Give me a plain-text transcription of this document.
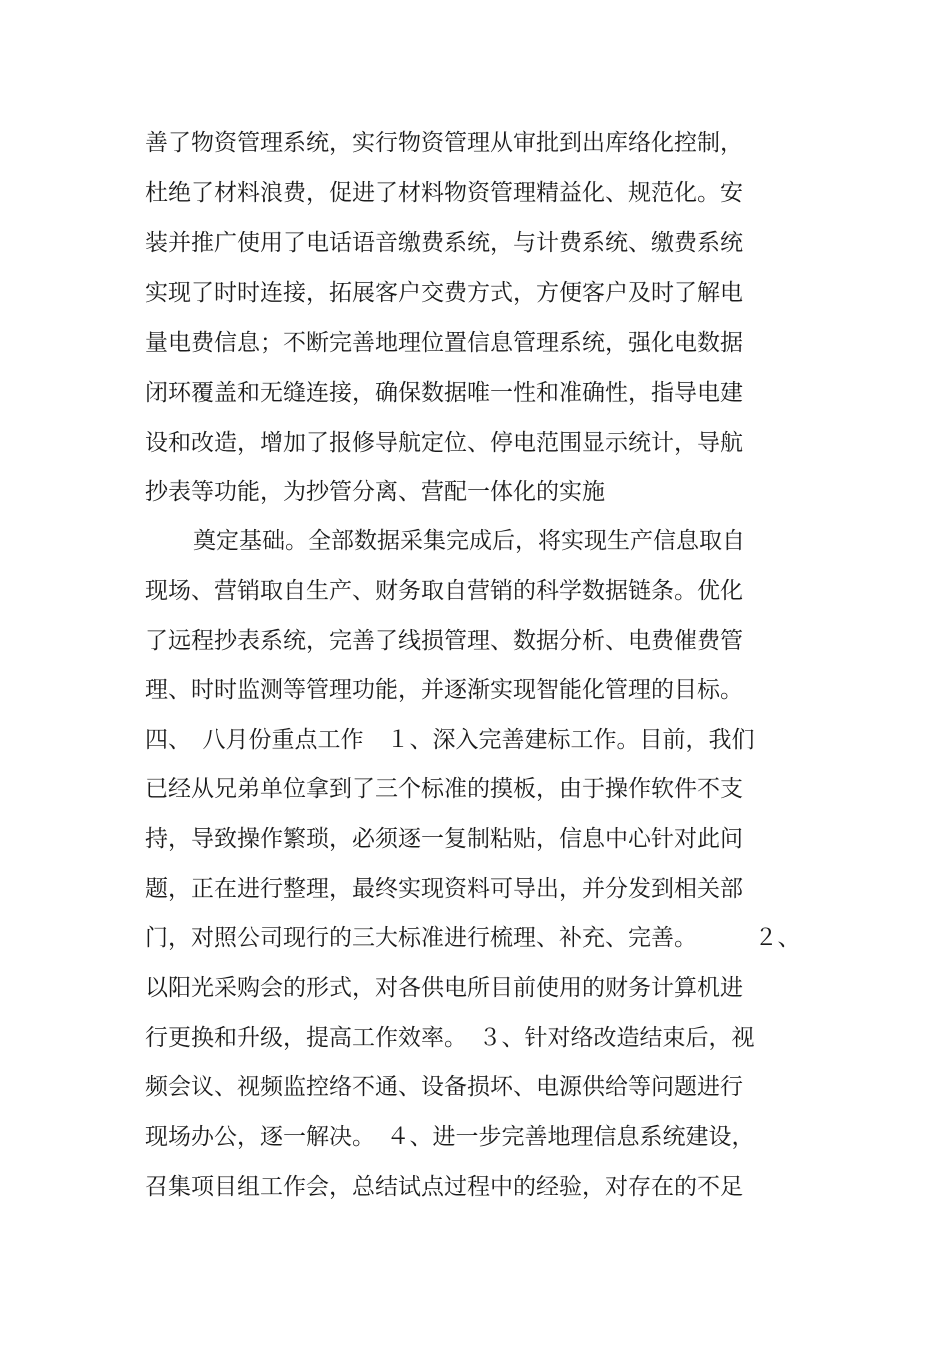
善了物资管理系统，实行物资管理从审批到出库络化控制，
杜绝了材料浪费，促进了材料物资管理精益化、规范化。安
装并推广使用了电话语音缴费系统，与计费系统、缴费系统
实现了时时连接，拓展客户交费方式，方便客户及时了解电
量电费信息；不断完善地理位置信息管理系统，强化电数据
闭环覆盖和无缝连接，确保数据唯一性和准确性，指导电建
设和改造，增加了报修导航定位、停电范围显示统计，导航
抄表等功能，为抄管分离、营配一体化的实施
奠定基础。全部数据采集完成后，将实现生产信息取自
现场、营销取自生产、财务取自营销的科学数据链条。优化
了远程抄表系统，完善了线损管理、数据分析、电费催费管
理、时时监测等管理功能，并逐渐实现智能化管理的目标。
四、　八月份重点工作　１、深入完善建标工作。目前，我们
已经从兄弟单位拿到了三个标准的摸板，由于操作软件不支
持，导致操作繁琐，必须逐一复制粘贴，信息中心针对此问
题，正在进行整理，最终实现资料可导出，并分发到相关部
门，对照公司现行的三大标准进行梳理、补充、完善。　　　２、
以阳光采购会的形式，对各供电所目前使用的财务计算机进
行更换和升级，提高工作效率。　３、针对络改造结束后，视
频会议、视频监控络不通、设备损坏、电源供给等问题进行
现场办公，逐一解决。　４、进一步完善地理信息系统建设，
召集项目组工作会，总结试点过程中的经验，对存在的不足
